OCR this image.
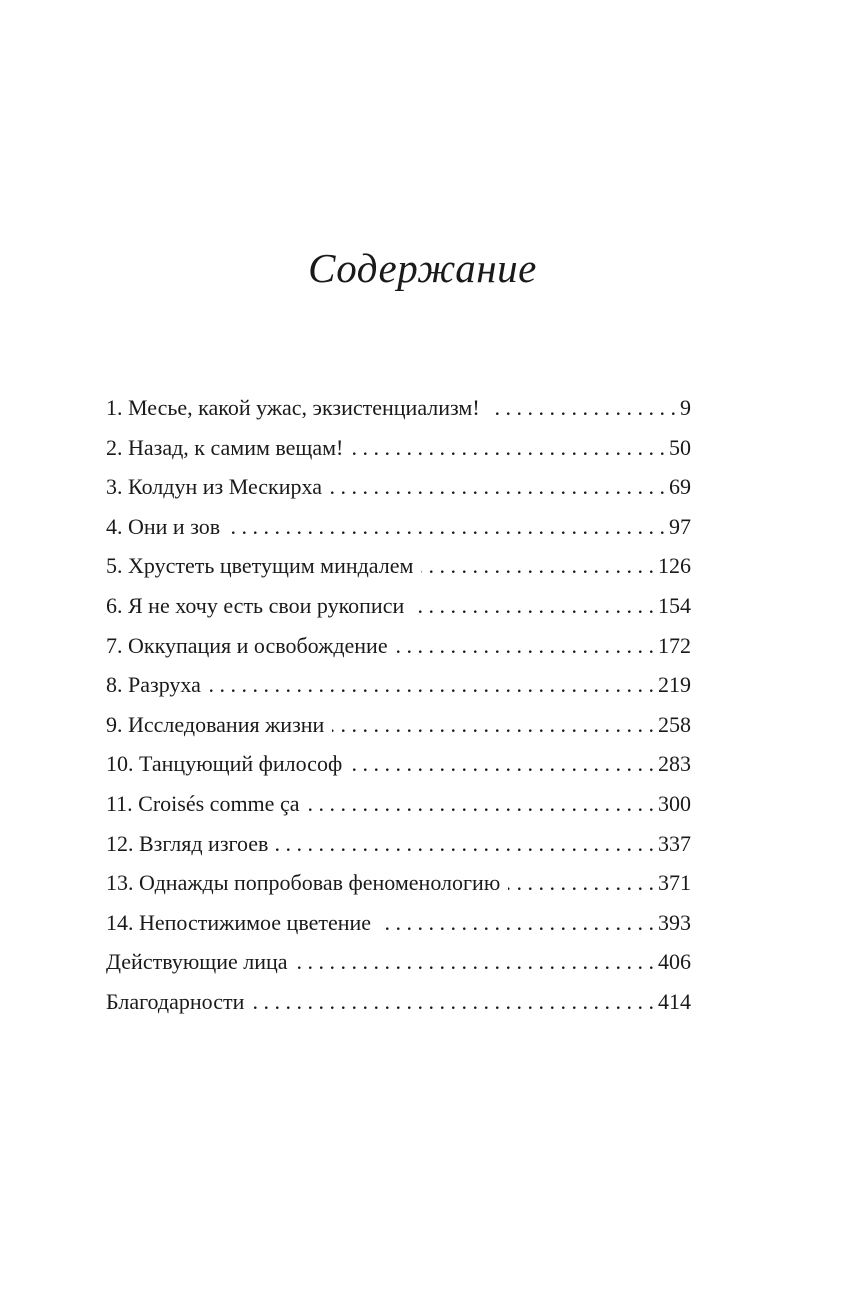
Содержание
1. Месье, какой ужас, экзистенциализм! . . .	9
2. Назад, к самим вещам! . . .	50
3. Колдун из Мескирха . . .	69
4. Они и зов . . .	97
5. Хрустеть цветущим миндалем . . .	126
6. Я не хочу есть свои рукописи . . .	154
7. Оккупация и освобождение . . .	172
8. Разруха . . .	219
9. Исследования жизни . . .	258
10. Танцующий философ . . .	283
11. Croisés comme ça . . .	300
12. Взгляд изгоев . . .	337
13. Однажды попробовав феноменологию . . .	371
14. Непостижимое цветение . . .	393
Действующие лица . . .	406
Благодарности . . .	414
